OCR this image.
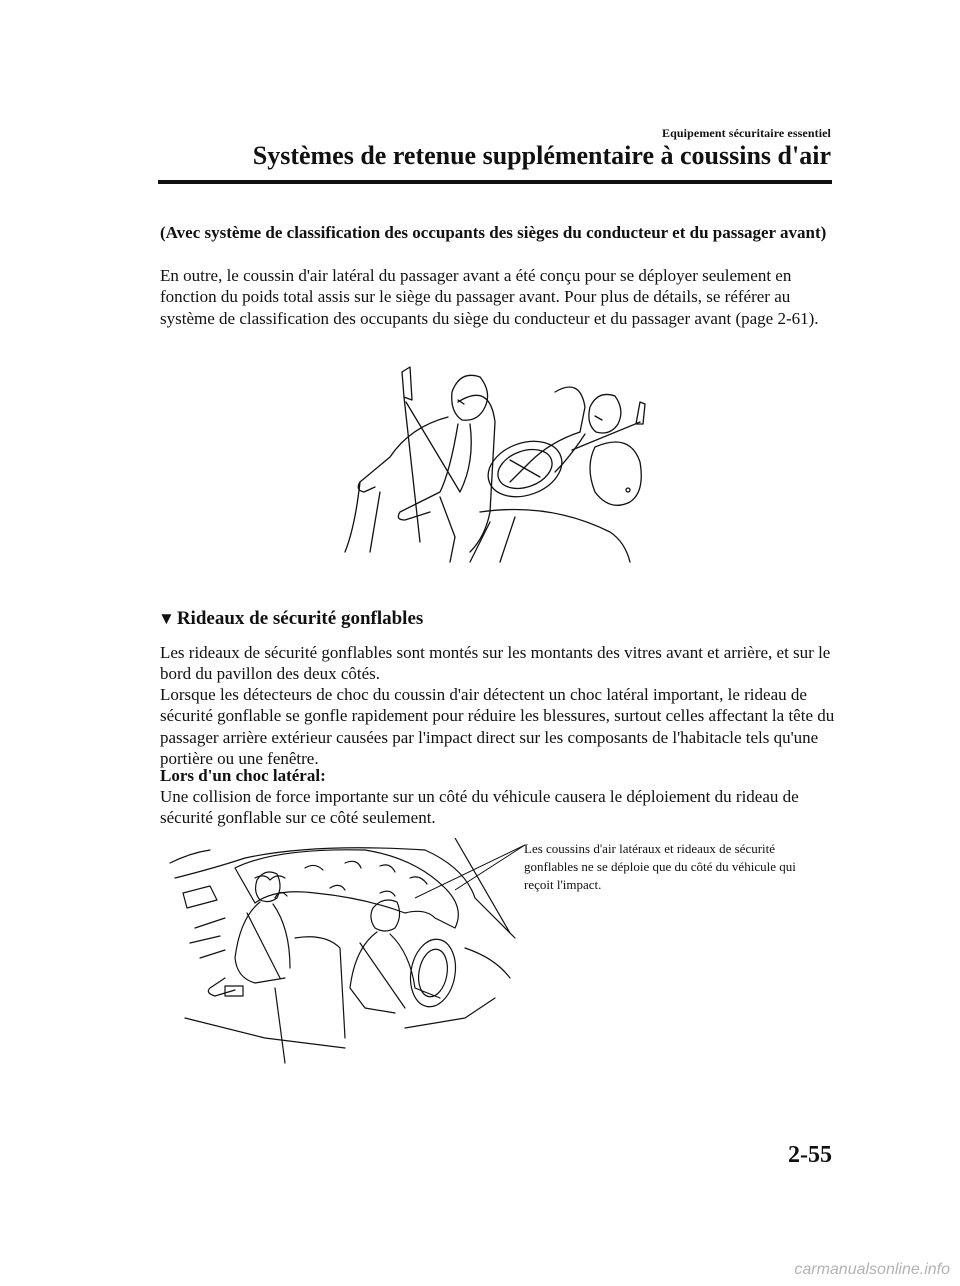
Equipement sécuritaire essentiel
Systèmes de retenue supplémentaire à coussins d'air
(Avec système de classification des occupants des sièges du conducteur et du passager avant)
En outre, le coussin d'air latéral du passager avant a été conçu pour se déployer seulement en fonction du poids total assis sur le siège du passager avant. Pour plus de détails, se référer au système de classification des occupants du siège du conducteur et du passager avant (page 2-61).
▼ Rideaux de sécurité gonflables
Les rideaux de sécurité gonflables sont montés sur les montants des vitres avant et arrière, et sur le bord du pavillon des deux côtés.
Lorsque les détecteurs de choc du coussin d'air détectent un choc latéral important, le rideau de sécurité gonflable se gonfle rapidement pour réduire les blessures, surtout celles affectant la tête du passager arrière extérieur causées par l'impact direct sur les composants de l'habitacle tels qu'une portière ou une fenêtre.
Lors d'un choc latéral:
Une collision de force importante sur un côté du véhicule causera le déploiement du rideau de sécurité gonflable sur ce côté seulement.
Les coussins d'air latéraux et rideaux de sécurité gonflables ne se déploie que du côté du véhicule qui reçoit l'impact.
2-55
carmanualsonline.info
